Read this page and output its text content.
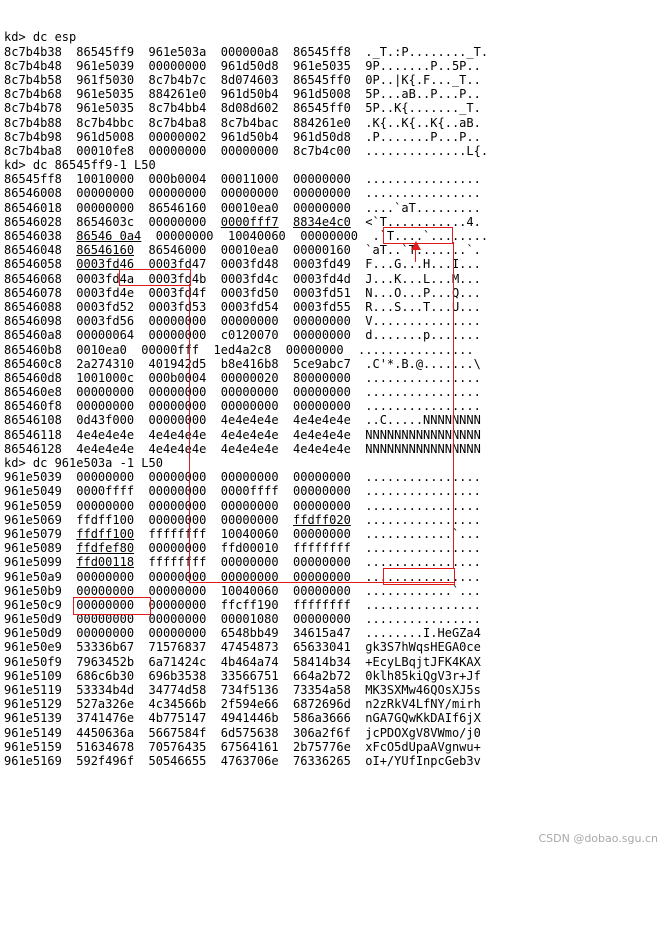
kd> dc esp
8c7b4b38 86545ff9 961e503a 000000a8 86545ff8 ._T.:P........_T.
8c7b4b48 961e5039 00000000 961d50d8 961e5035 9P.......P..5P..
8c7b4b58 961f5030 8c7b4b7c 8d074603 86545ff0 0P..|K{.F..._T..
8c7b4b68 961e5035 884261e0 961d50b4 961d5008 5P...aB..P...P..
8c7b4b78 961e5035 8c7b4bb4 8d08d602 86545ff0 5P..K{......._T.
8c7b4b88 8c7b4bbc 8c7b4ba8 8c7b4bac 884261e0 .K{..K{..K{..aB.
8c7b4b98 961d5008 00000002 961d50b4 961d50d8 .P.......P...P..
8c7b4ba8 00010fe8 00000000 00000000 8c7b4c00 ..............L{.
kd> dc 86545ff9-1 L50
86545ff8 10010000 000b0004 00011000 00000000 ................
86546008 00000000 00000000 00000000 00000000 ................
86546018 00000000 86546160 00010ea0 00000000 ....`aT.........
86546028 8654603c 00000000 0000fff7 8834e4c0 <`T...........4.
86546038 86546 0a4 00000000 10040060 00000000 .`T....`........
86546048 86546160 86546000 00010ea0 00000160 `aT..`T.......`.
86546058 0003fd46 0003fd47 0003fd48 0003fd49 F...G...H...I...
86546068 0003fd4a 0003fd4b 0003fd4c 0003fd4d J...K...L...M...
86546078 0003fd4e 0003fd4f 0003fd50 0003fd51 N...O...P...Q...
86546088 0003fd52 0003fd53 0003fd54 0003fd55 R...S...T...U...
86546098 0003fd56 00000000 00000000 00000000 V...............
865460a8 00000064 00000000 c0120070 00000000 d.......p.......
865460b8 0010ea0 00000fff 1ed4a2c8 00000000 ................
865460c8 2a274310 401942d5 b8e416b8 5ce9abc7 .C'*.B.@.......\
865460d8 1001000c 000b0004 00000020 80000000 ................
865460e8 00000000 00000000 00000000 00000000 ................
865460f8 00000000 00000000 00000000 00000000 ................
86546108 0d43f000 00000000 4e4e4e4e 4e4e4e4e ..C.....NNNNNNNN
86546118 4e4e4e4e 4e4e4e4e 4e4e4e4e 4e4e4e4e NNNNNNNNNNNNNNNN
86546128 4e4e4e4e 4e4e4e4e 4e4e4e4e 4e4e4e4e NNNNNNNNNNNNNNNN
kd> dc 961e503a -1 L50
961e5039 00000000 00000000 00000000 00000000 ................
961e5049 0000ffff 00000000 0000ffff 00000000 ................
961e5059 00000000 00000000 00000000 00000000 ................
961e5069 ffdff100 00000000 00000000 ffdff020 ................
961e5079 ffdff100 ffffffff 10040060 00000000 ............`...
961e5089 ffdfef80 00000000 ffd00010 ffffffff ................
961e5099 ffd00118 ffffffff 00000000 00000000 ................
961e50a9 00000000 00000000 00000000 00000000 ................
961e50b9 00000000 00000000 10040060 00000000 ............`...
961e50c9 00000000 00000000 ffcff190 ffffffff ................
961e50d9 00000000 00000000 00001080 00000000 ................
961e50d9 00000000 00000000 6548bb49 34615a47 ........I.HeGZa4
961e50e9 53336b67 71576837 47454873 65633041 gk3S7hWqsHEGA0ce
961e50f9 7963452b 6a71424c 4b464a74 58414b34 +EcyLBqjtJFK4KAX
961e5109 686c6b30 696b3538 33566751 664a2b72 0klh85kiQgV3r+Jf
961e5119 53334b4d 34774d58 734f5136 73354a58 MK3SXMw46QOsXJ5s
961e5129 527a326e 4c34566b 2f594e66 6872696d n2zRkV4LfNY/mirh
961e5139 3741476e 4b775147 4941446b 586a3666 nGA7GQwKkDAIf6jX
961e5149 4450636a 5667584f 6d575638 306a2f6f jcPDOXgV8VWmo/j0
961e5159 51634678 70576435 67564161 2b75776e xFcO5dUpaAVgnwu+
961e5169 592f496f 50546655 4763706e 76336265 oI+/YUfInpcGeb3v

CSDN @dobao.sgu.cn
